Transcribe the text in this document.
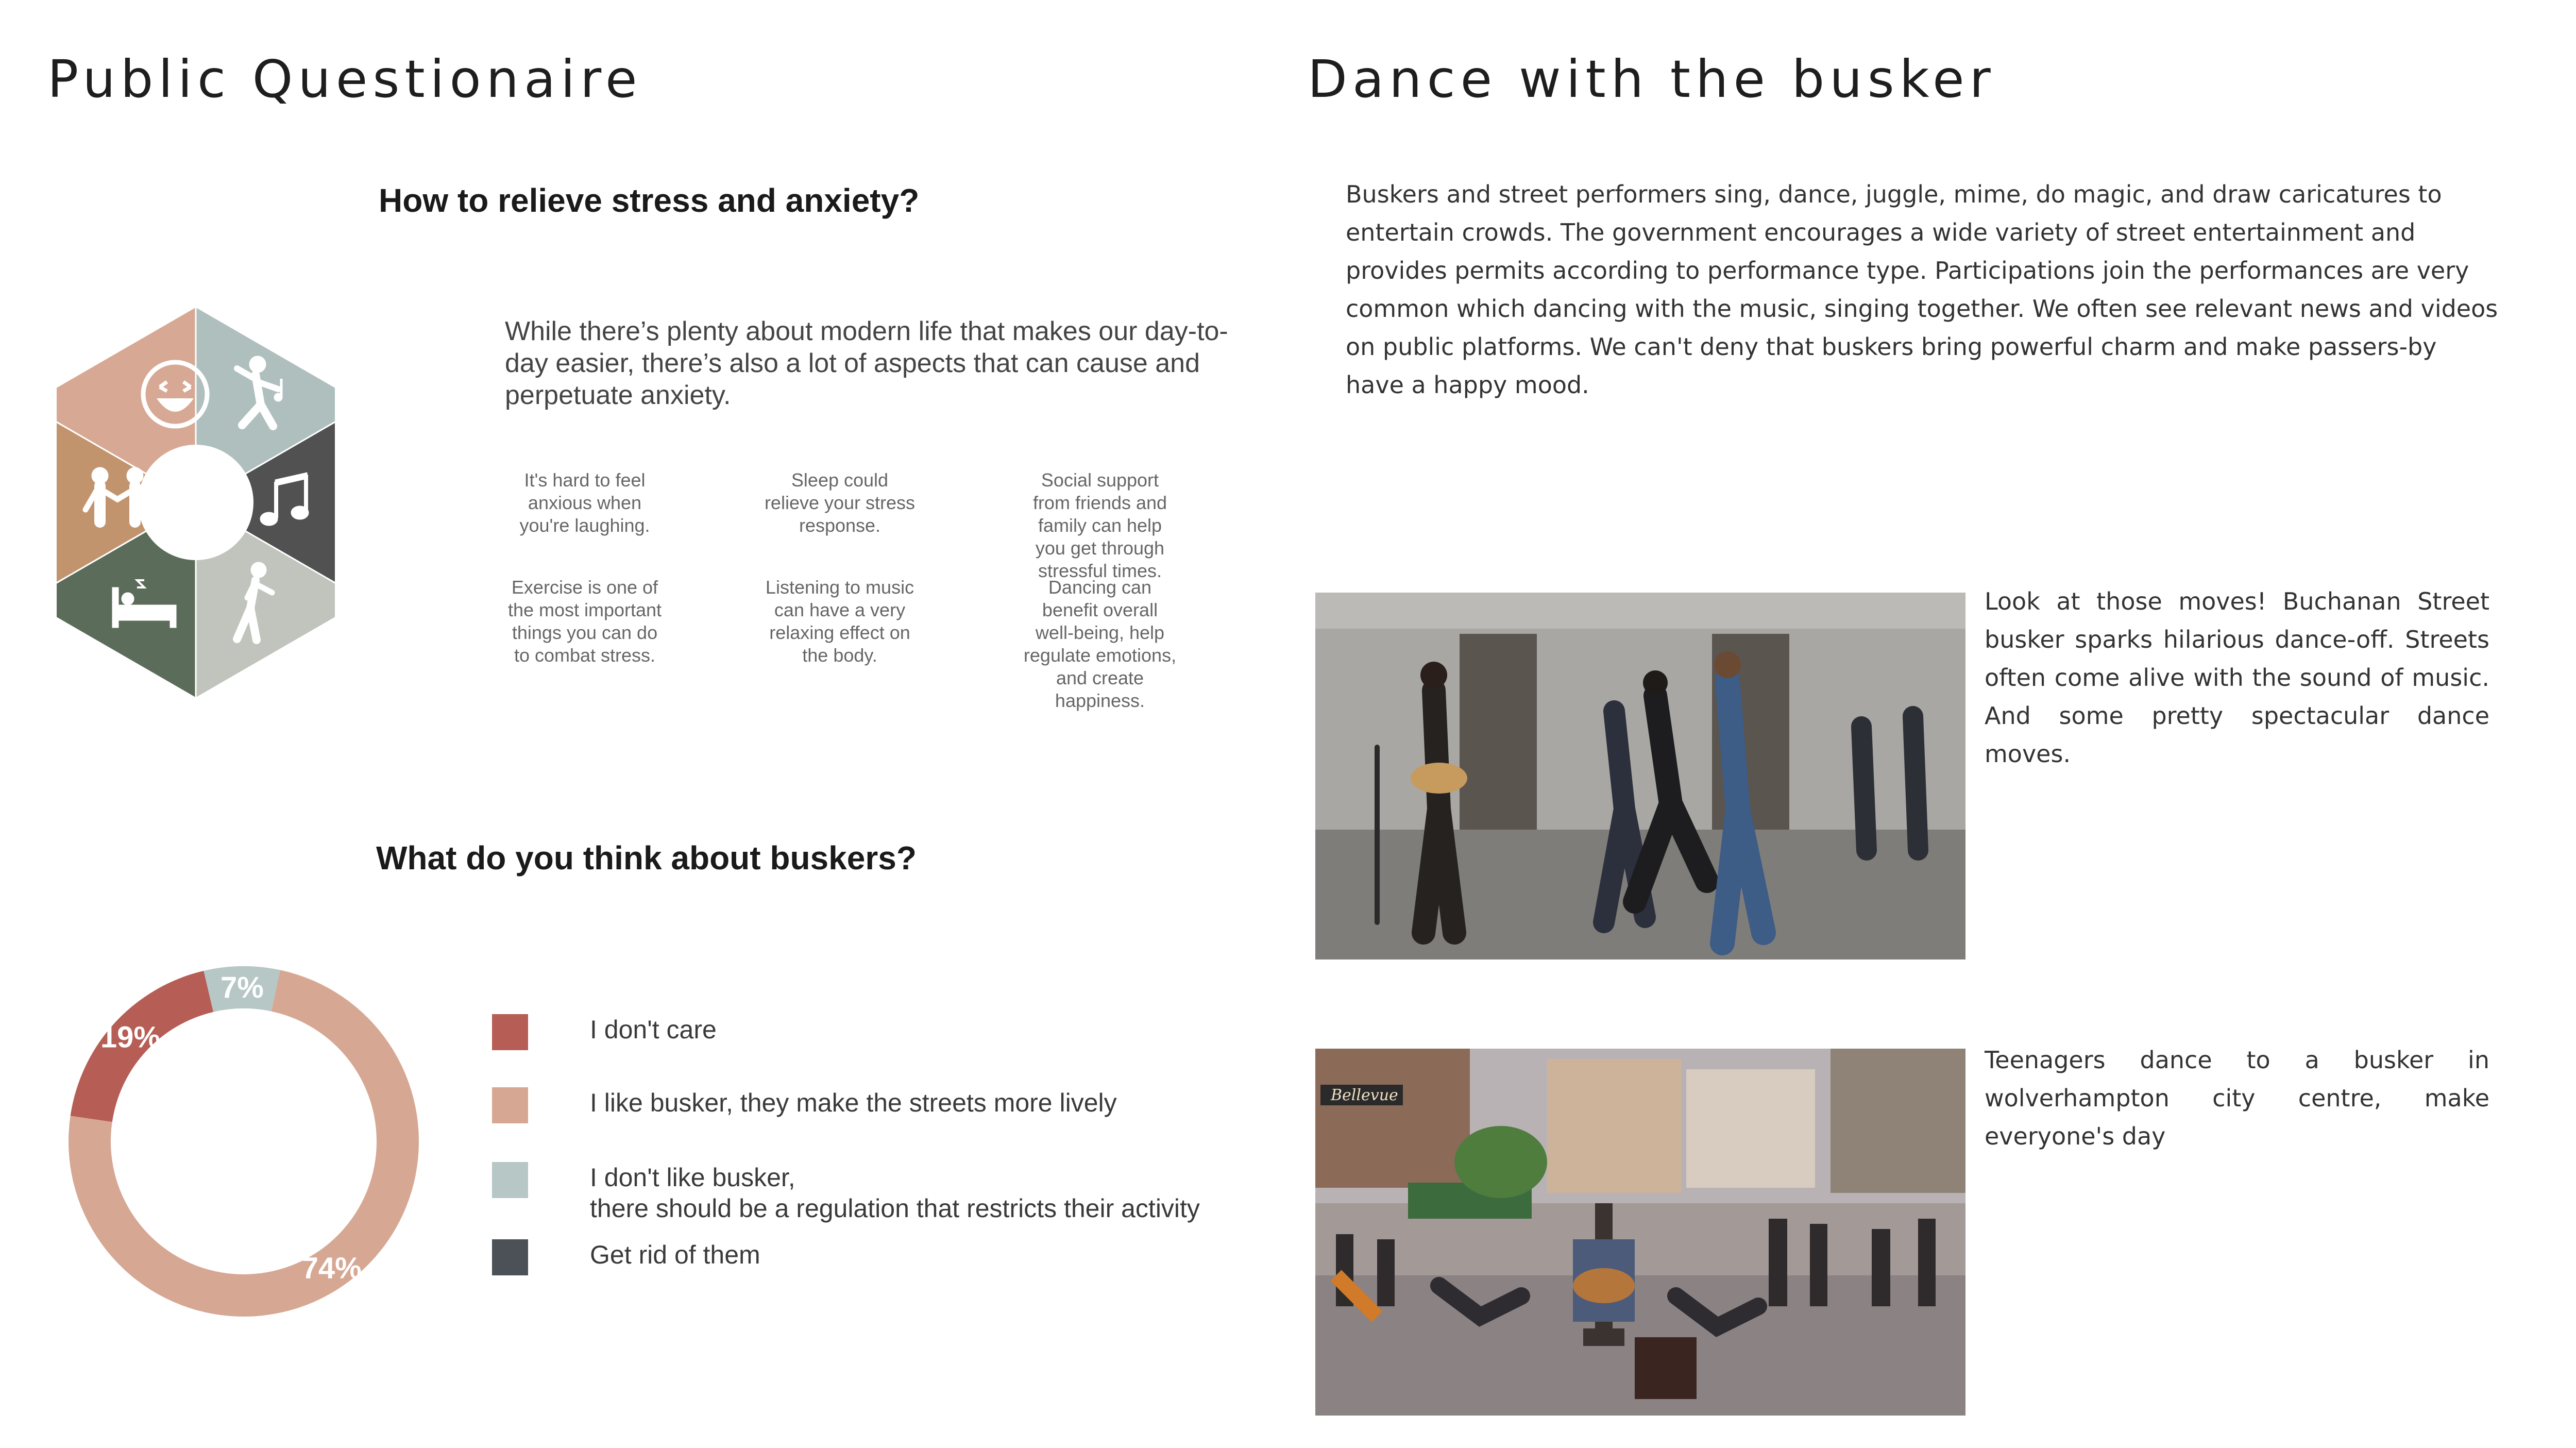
Public Questionaire
How to relieve stress and anxiety?
While there’s plenty about modern life that makes our day-to-day easier, there’s also a lot of aspects that can cause and perpetuate anxiety.
It's hard to feel anxious when you're laughing.
Sleep could relieve your stress response.
Social support from friends and family can help you get through stressful times.
Exercise is one of the most important things you can do to combat stress.
Listening to music can have a very relaxing effect on the body.
Dancing can benefit overall well-being, help regulate emotions, and create happiness.
What do you think about buskers?
74%
19%
7%
I don't care
I like busker, they make the streets more lively
I don't like busker,
there should be a regulation that restricts their activity
Get rid of them
Dance with the busker
Buskers and street performers sing, dance, juggle, mime, do magic, and draw caricatures to entertain crowds. The government encourages a wide variety of street entertainment and provides permits according to performance type. Participations join the performances are very common which dancing with the music, singing together. We often see relevant news and videos on public platforms. We can't deny that buskers bring powerful charm and make passers-by have a happy mood.
Look at those moves! Buchanan Street busker sparks hilarious dance-off. Streets often come alive with the sound of music. And some pretty spectacular dance moves.
Bellevue
Teenagers dance to a busker in wolverhampton city centre, make everyone's day
